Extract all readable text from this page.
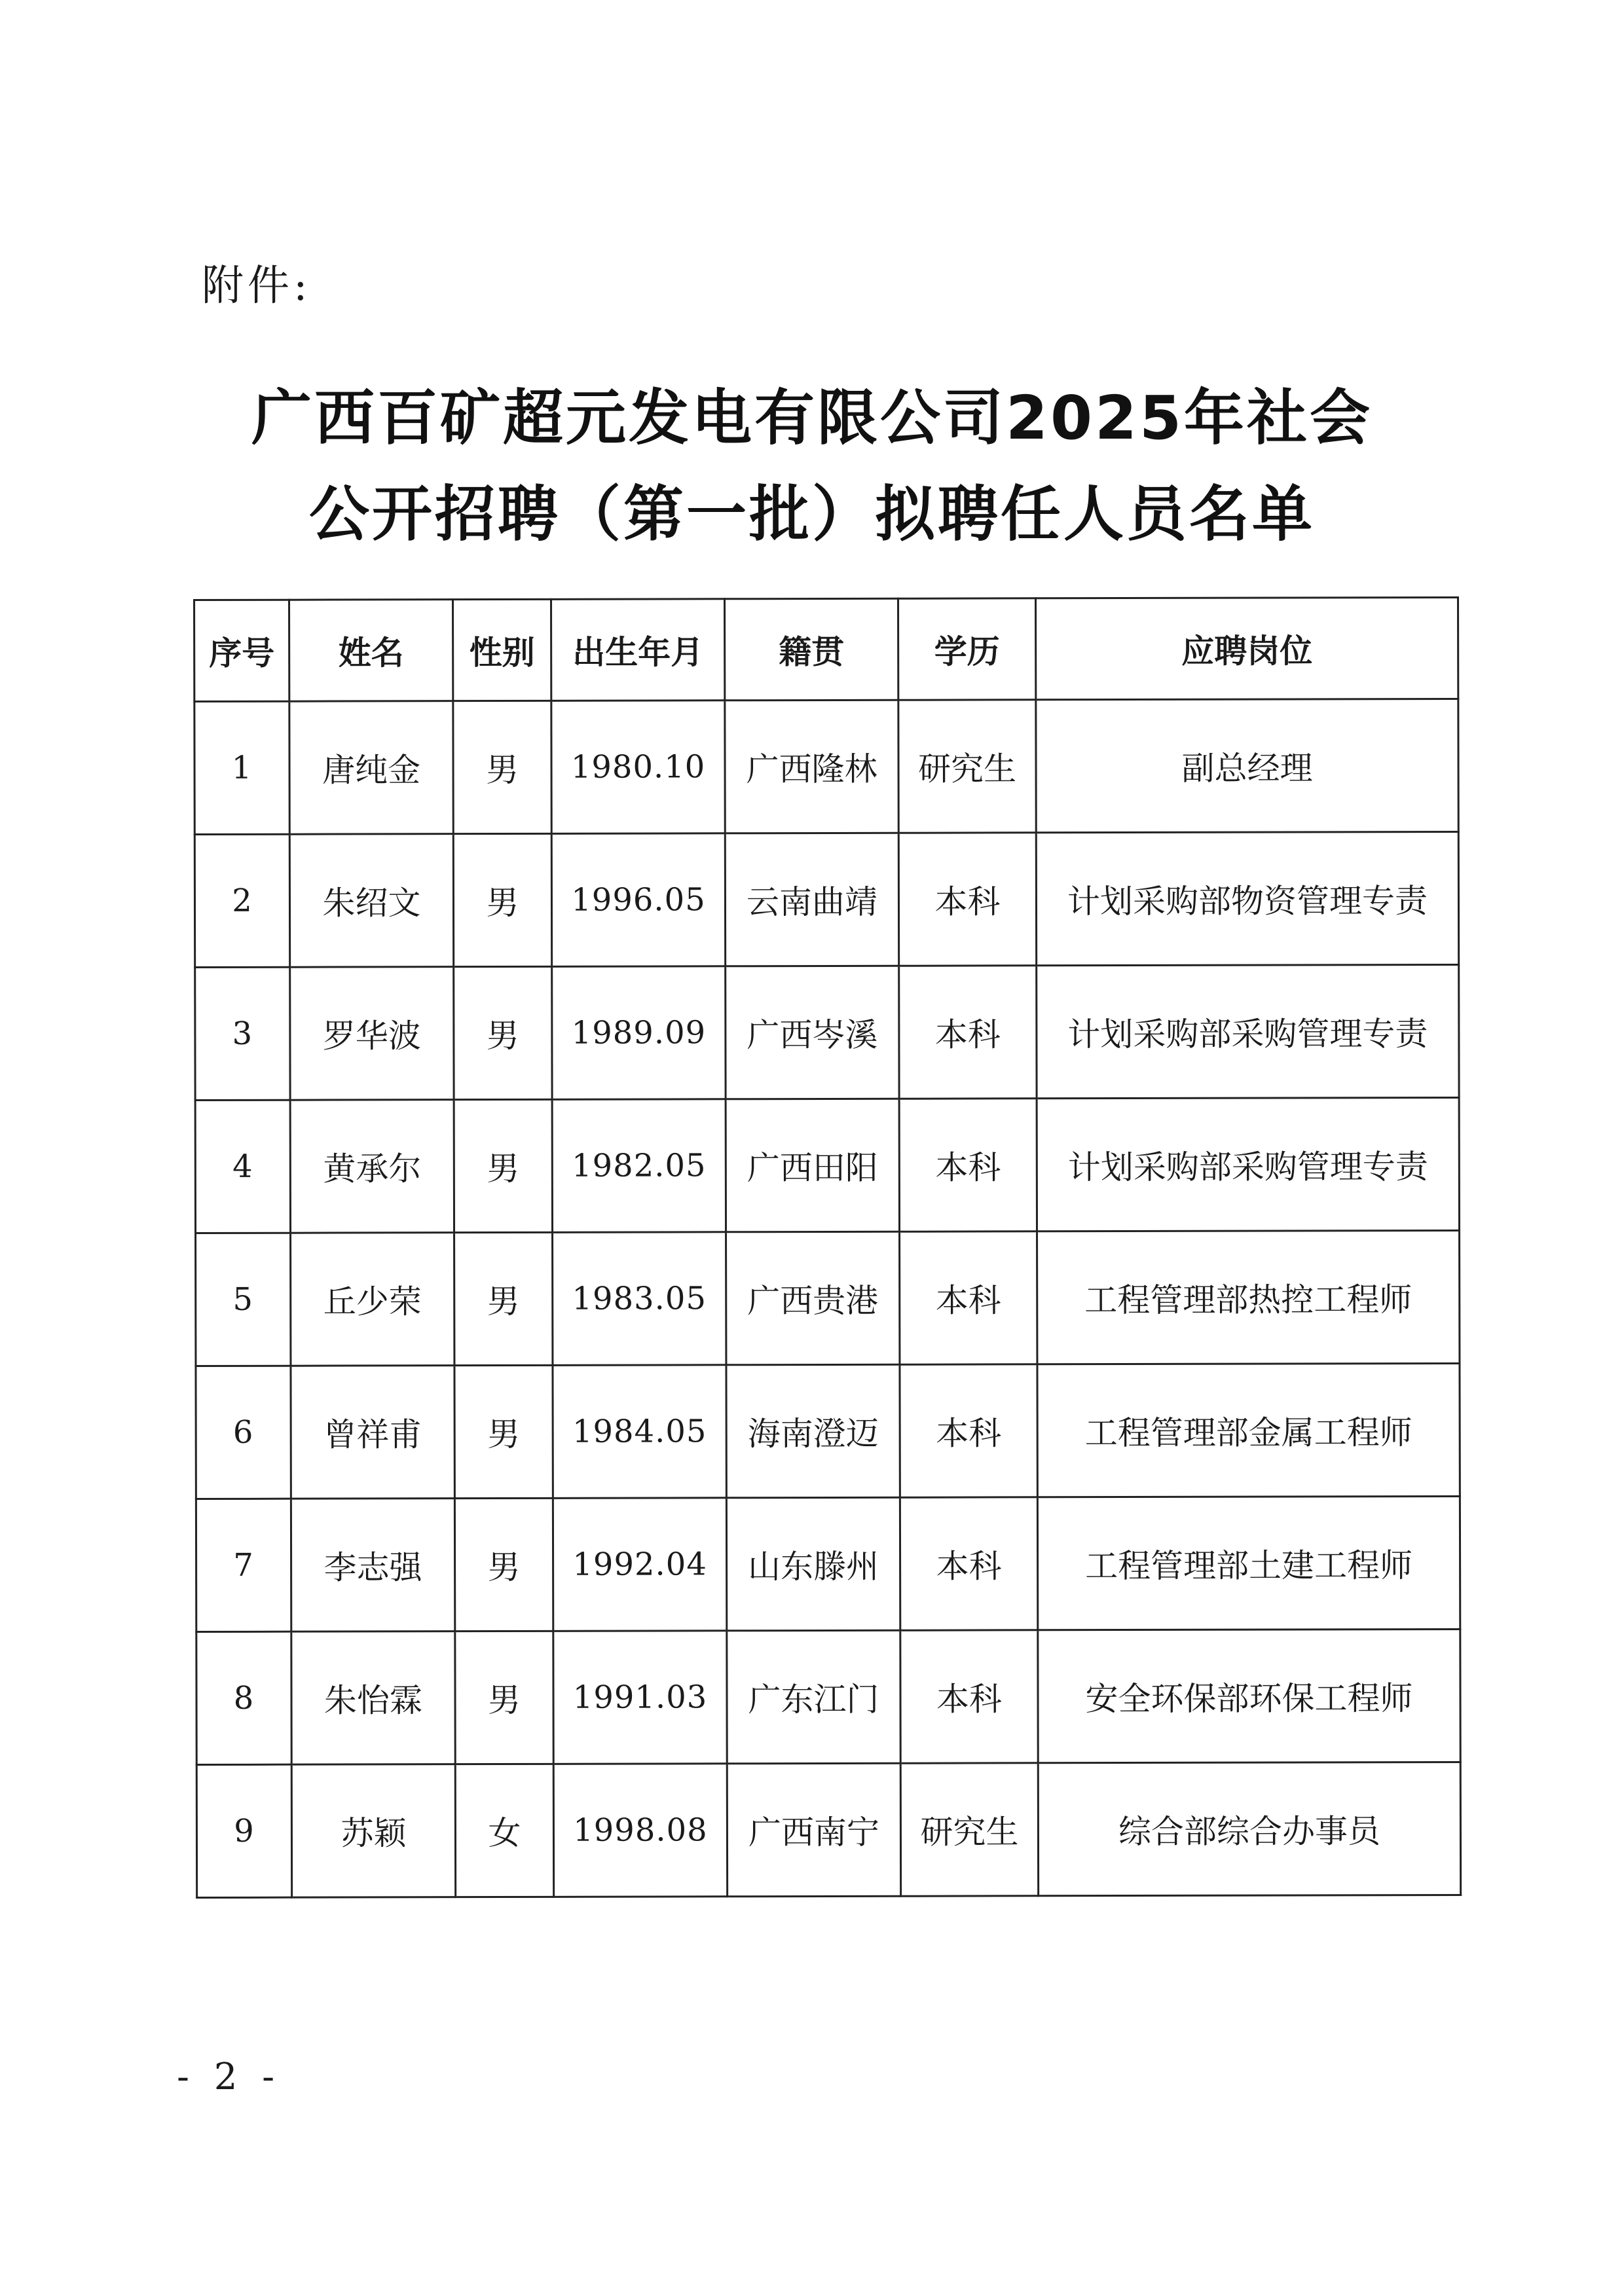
附件:
广西百矿超元发电有限公司2025年社会
公开招聘（第一批）拟聘任人员名单
序号	姓名	性别	出生年月	籍贯	学历	应聘岗位
1	唐纯金	男	1980.10	广西隆林	研究生	副总经理
2	朱绍文	男	1996.05	云南曲靖	本科	计划采购部物资管理专责
3	罗华波	男	1989.09	广西岑溪	本科	计划采购部采购管理专责
4	黄承尔	男	1982.05	广西田阳	本科	计划采购部采购管理专责
5	丘少荣	男	1983.05	广西贵港	本科	工程管理部热控工程师
6	曾祥甫	男	1984.05	海南澄迈	本科	工程管理部金属工程师
7	李志强	男	1992.04	山东滕州	本科	工程管理部土建工程师
8	朱怡霖	男	1991.03	广东江门	本科	安全环保部环保工程师
9	苏颖	女	1998.08	广西南宁	研究生	综合部综合办事员
- 2 -
